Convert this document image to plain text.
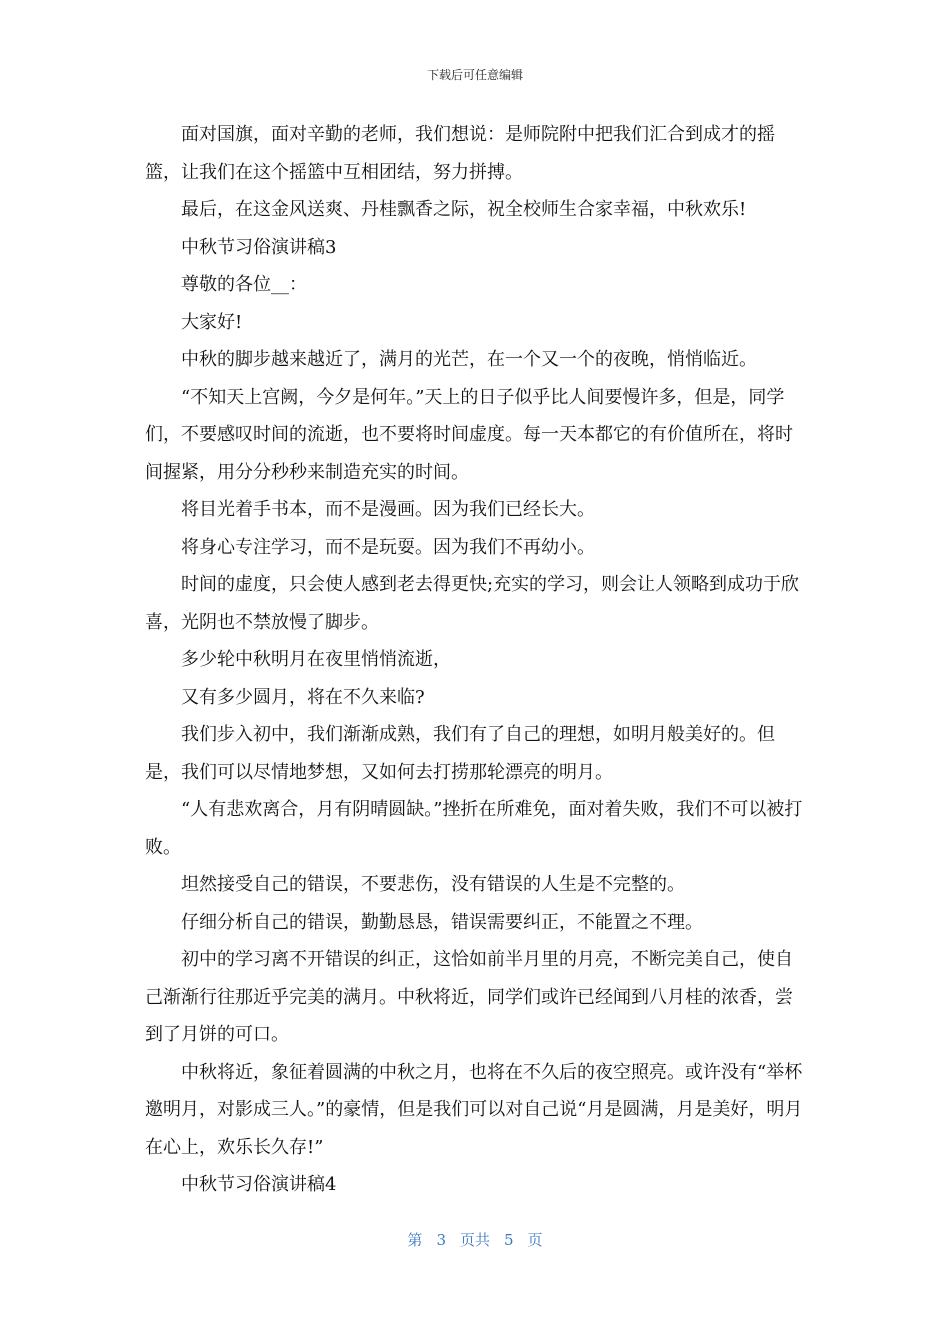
下载后可任意编辑

面对国旗，面对辛勤的老师，我们想说：是师院附中把我们汇合到成才的摇篮，让我们在这个摇篮中互相团结，努力拼搏。

最后，在这金风送爽、丹桂飘香之际，祝全校师生合家幸福，中秋欢乐!

中秋节习俗演讲稿3

尊敬的各位__：

大家好!

中秋的脚步越来越近了，满月的光芒，在一个又一个的夜晚，悄悄临近。

“不知天上宫阙，今夕是何年。”天上的日子似乎比人间要慢许多，但是，同学们，不要感叹时间的流逝，也不要将时间虚度。每一天本都它的有价值所在，将时间握紧，用分分秒秒来制造充实的时间。

将目光着手书本，而不是漫画。因为我们已经长大。

将身心专注学习，而不是玩耍。因为我们不再幼小。

时间的虚度，只会使人感到老去得更快;充实的学习，则会让人领略到成功于欣喜，光阴也不禁放慢了脚步。

多少轮中秋明月在夜里悄悄流逝，

又有多少圆月，将在不久来临?

我们步入初中，我们渐渐成熟，我们有了自己的理想，如明月般美好的。但是，我们可以尽情地梦想，又如何去打捞那轮漂亮的明月。

“人有悲欢离合，月有阴晴圆缺。”挫折在所难免，面对着失败，我们不可以被打败。

坦然接受自己的错误，不要悲伤，没有错误的人生是不完整的。

仔细分析自己的错误，勤勤恳恳，错误需要纠正，不能置之不理。

初中的学习离不开错误的纠正，这恰如前半月里的月亮，不断完美自己，使自己渐渐行往那近乎完美的满月。中秋将近，同学们或许已经闻到八月桂的浓香，尝到了月饼的可口。

中秋将近，象征着圆满的中秋之月，也将在不久后的夜空照亮。或许没有“举杯邀明月，对影成三人。”的豪情，但是我们可以对自己说“月是圆满，月是美好，明月在心上，欢乐长久存!”

中秋节习俗演讲稿4

第 3 页共 5 页
